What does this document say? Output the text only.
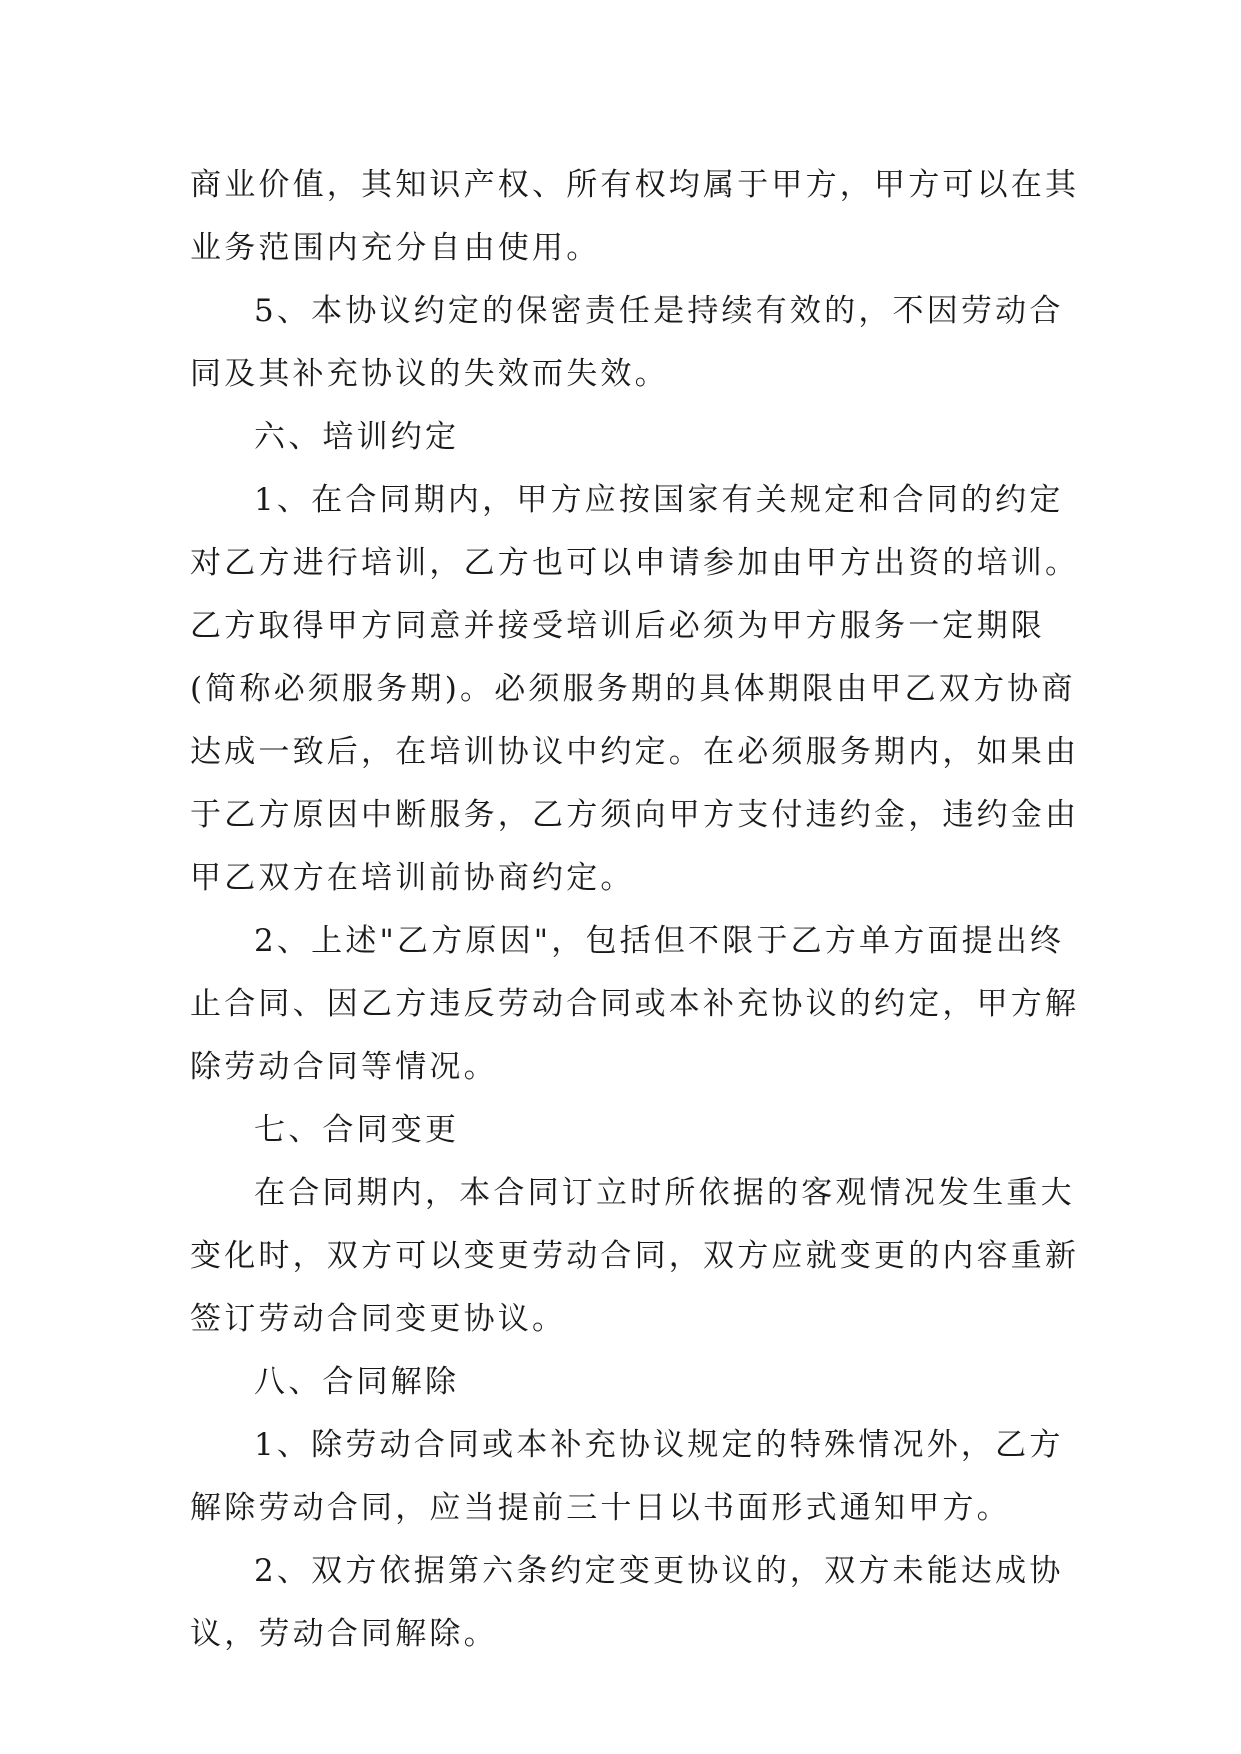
商业价值，其知识产权、所有权均属于甲方，甲方可以在其
业务范围内充分自由使用。
5、本协议约定的保密责任是持续有效的，不因劳动合
同及其补充协议的失效而失效。
六、培训约定
1、在合同期内，甲方应按国家有关规定和合同的约定
对乙方进行培训，乙方也可以申请参加由甲方出资的培训。
乙方取得甲方同意并接受培训后必须为甲方服务一定期限
(简称必须服务期)。必须服务期的具体期限由甲乙双方协商
达成一致后，在培训协议中约定。在必须服务期内，如果由
于乙方原因中断服务，乙方须向甲方支付违约金，违约金由
甲乙双方在培训前协商约定。
2、上述"乙方原因"，包括但不限于乙方单方面提出终
止合同、因乙方违反劳动合同或本补充协议的约定，甲方解
除劳动合同等情况。
七、合同变更
在合同期内，本合同订立时所依据的客观情况发生重大
变化时，双方可以变更劳动合同，双方应就变更的内容重新
签订劳动合同变更协议。
八、合同解除
1、除劳动合同或本补充协议规定的特殊情况外，乙方
解除劳动合同，应当提前三十日以书面形式通知甲方。
2、双方依据第六条约定变更协议的，双方未能达成协
议，劳动合同解除。
